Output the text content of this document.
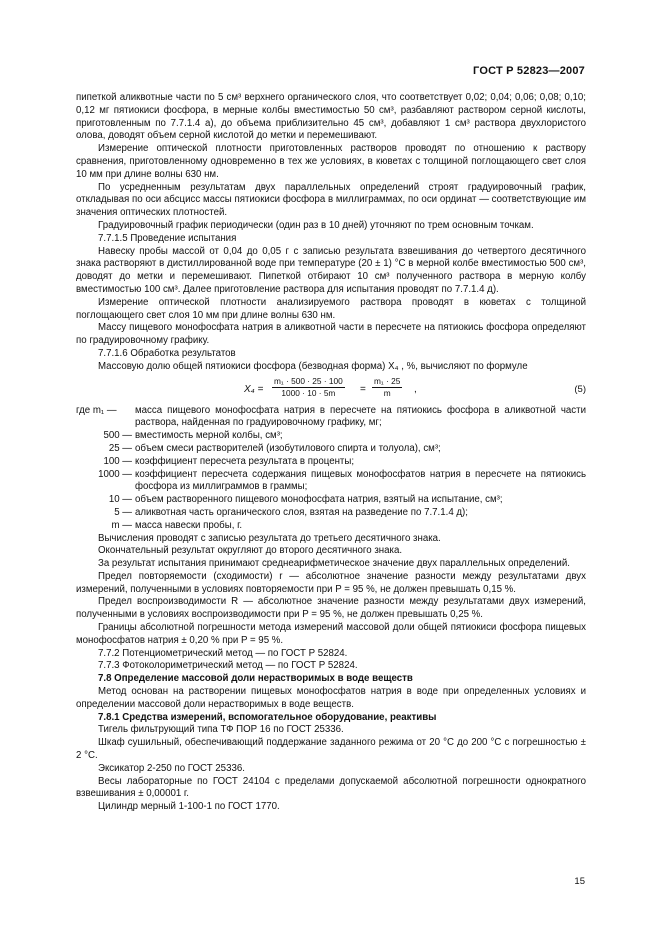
ГОСТ Р 52823—2007

пипеткой аликвотные части по 5 см³ верхнего органического слоя, что соответствует 0,02; 0,04; 0,06; 0,08; 0,10; 0,12 мг пятиокиси фосфора, в мерные колбы вместимостью 50 см³, разбавляют раствором серной кислоты, приготовленным по 7.7.1.4 а), до объема приблизительно 45 см³, добавляют 1 см³ раствора двухлористого олова, доводят объем серной кислотой до метки и перемешивают.

Измерение оптической плотности приготовленных растворов проводят по отношению к раствору сравнения, приготовленному одновременно в тех же условиях, в кюветах с толщиной поглощающего свет слоя 10 мм при длине волны 630 нм.

По усредненным результатам двух параллельных определений строят градуировочный график, откладывая по оси абсцисс массы пятиокиси фосфора в миллиграммах, по оси ординат — соответствующие им значения оптических плотностей.

Градуировочный график периодически (один раз в 10 дней) уточняют по трем основным точкам.

7.7.1.5 Проведение испытания

Навеску пробы массой от 0,04 до 0,05 г с записью результата взвешивания до четвертого десятичного знака растворяют в дистиллированной воде при температуре (20 ± 1) °С в мерной колбе вместимостью 500 см³, доводят до метки и перемешивают. Пипеткой отбирают 10 см³ полученного раствора в мерную колбу вместимостью 100 см³. Далее приготовление раствора для испытания проводят по 7.7.1.4 д).

Измерение оптической плотности анализируемого раствора проводят в кюветах с толщиной поглощающего свет слоя 10 мм при длине волны 630 нм.

Массу пищевого монофосфата натрия в аликвотной части в пересчете на пятиокись фосфора определяют по градуировочному графику.

7.7.1.6 Обработка результатов

Массовую долю общей пятиокиси фосфора (безводная форма) X₄ , %, вычисляют по формуле

$X_4 = \frac{\text{m₁ · 500 · 25 · 100}}{1000 \cdot 10 \cdot 5m} = \frac{\text{m₁ · 25}}{m}$ ,	(5)
где m₁ —	масса пищевого монофосфата натрия в пересчете на пятиокись фосфора в аликвотной части раствора, найденная по градуировочному графику, мг;
500 — вместимость мерной колбы, см³;
25 — объем смеси растворителей (изобутилового спирта и толуола), см³;
100 — коэффициент пересчета результата в проценты;
1000 — коэффициент пересчета содержания пищевых монофосфатов натрия в пересчете на пятиокись фосфора из миллиграммов в граммы;
10 — объем растворенного пищевого монофосфата натрия, взятый на испытание, см³;
5 — аликвотная часть органического слоя, взятая на разведение по 7.7.1.4 д);
m — масса навески пробы, г.

Вычисления проводят с записью результата до третьего десятичного знака.

Окончательный результат округляют до второго десятичного знака.

За результат испытания принимают среднеарифметическое значение двух параллельных определений.

Предел повторяемости (сходимости) r — абсолютное значение разности между результатами двух измерений, полученными в условиях повторяемости при P = 95 %, не должен превышать 0,15 %.

Предел воспроизводимости R — абсолютное значение разности между результатами двух измерений, полученными в условиях воспроизводимости при P = 95 %, не должен превышать 0,25 %.

Границы абсолютной погрешности метода измерений массовой доли общей пятиокиси фосфора пищевых монофосфатов натрия ± 0,20 % при P = 95 %.

7.7.2 Потенциометрический метод — по ГОСТ Р 52824.

7.7.3 Фотоколориметрический метод — по ГОСТ Р 52824.

7.8 Определение массовой доли нерастворимых в воде веществ

Метод основан на растворении пищевых монофосфатов натрия в воде при определенных условиях и определении массовой доли нерастворимых в воде веществ.

7.8.1 Средства измерений, вспомогательное оборудование, реактивы

Тигель фильтрующий типа ТФ ПОР 16 по ГОСТ 25336.

Шкаф сушильный, обеспечивающий поддержание заданного режима от 20 °С до 200 °С с погрешностью ± 2 °С.

Эксикатор 2-250 по ГОСТ 25336.

Весы лабораторные по ГОСТ 24104 с пределами допускаемой абсолютной погрешности однократного взвешивания ± 0,00001 г.

Цилиндр мерный 1-100-1 по ГОСТ 1770.

15
